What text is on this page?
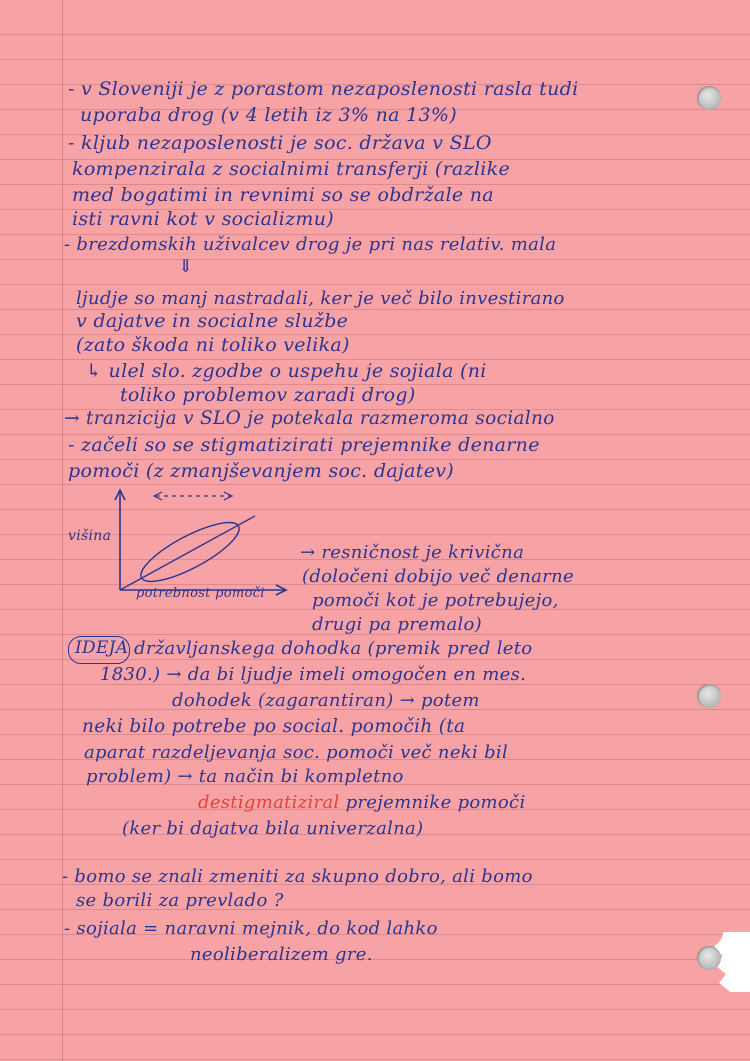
- v Sloveniji je z porastom nezaposlenosti rasla tudi
uporaba drog (v 4 letih iz 3% na 13%)
- kljub nezaposlenosti je soc. država v SLO
kompenzirala z socialnimi transferji (razlike
med bogatimi in revnimi so se obdržale na
isti ravni kot v socializmu)
- brezdomskih uživalcev drog je pri nas relativ. mala
⇓
ljudje so manj nastradali, ker je več bilo investirano
v dajatve in socialne službe
(zato škoda ni toliko velika)
↳ ulel slo. zgodbe o uspehu je sojiala (ni
toliko problemov zaradi drog)
→ tranzicija v SLO je potekala razmeroma socialno
- začeli so se stigmatizirati prejemnike denarne
pomoči (z zmanjševanjem soc. dajatev)
višina
potrebnost pomoči
→ resničnost je krivična
(določeni dobijo več denarne
pomoči kot je potrebujejo,
drugi pa premalo)
IDEJA državljanskega dohodka (premik pred leto
1830.) → da bi ljudje imeli omogočen en mes.
dohodek (zagarantiran) → potem
neki bilo potrebe po social. pomočih (ta
aparat razdeljevanja soc. pomoči več neki bil
problem) → ta način bi kompletno
destigmatiziral prejemnike pomoči
(ker bi dajatva bila univerzalna)
- bomo se znali zmeniti za skupno dobro, ali bomo
se borili za prevlado ?
- sojiala = naravni mejnik, do kod lahko
neoliberalizem gre.
